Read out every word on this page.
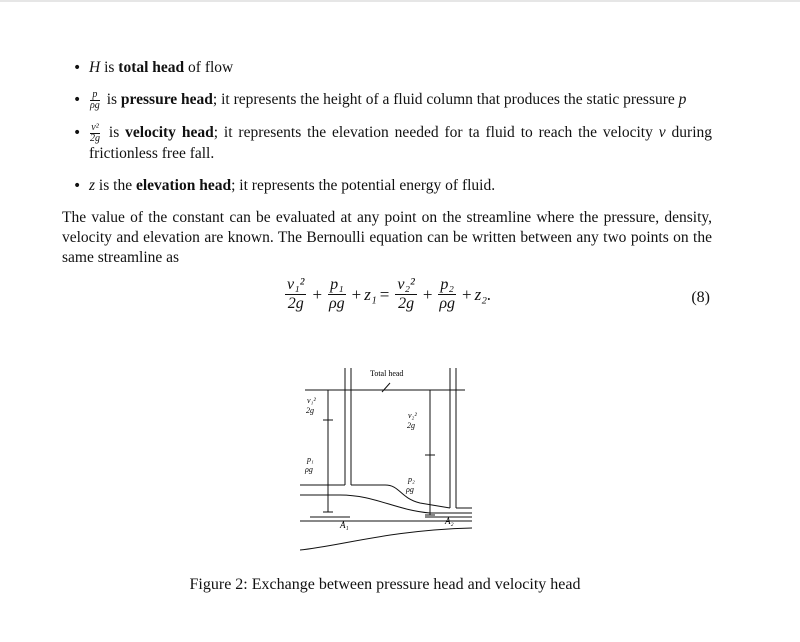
• H is total head of flow
• $\frac{p}{\rho g}$ is pressure head; it represents the height of a fluid column that produces the static pressure p
• $\frac{\text{v²}}{2g}$ is velocity head; it represents the elevation needed for ta fluid to reach the velocity v during frictionless free fall.
• z is the elevation head; it represents the potential energy of fluid.

The value of the constant can be evaluated at any point on the streamline where the pressure, density, velocity and elevation are known. The Bernoulli equation can be written between any two points on the same streamline as

v₁²
$2g + \frac{\text{p₁}}{\rho g} + z_1 = \frac{\text{v₂²}}{2g} + \frac{\text{p₂}}{\rho g} + z_2$.	(8)
Total head
v₁²
2g
p₁
ρg
v₂²
2g
p₂
ρg
A₁	A₂
Figure 2: Exchange between pressure head and velocity head
